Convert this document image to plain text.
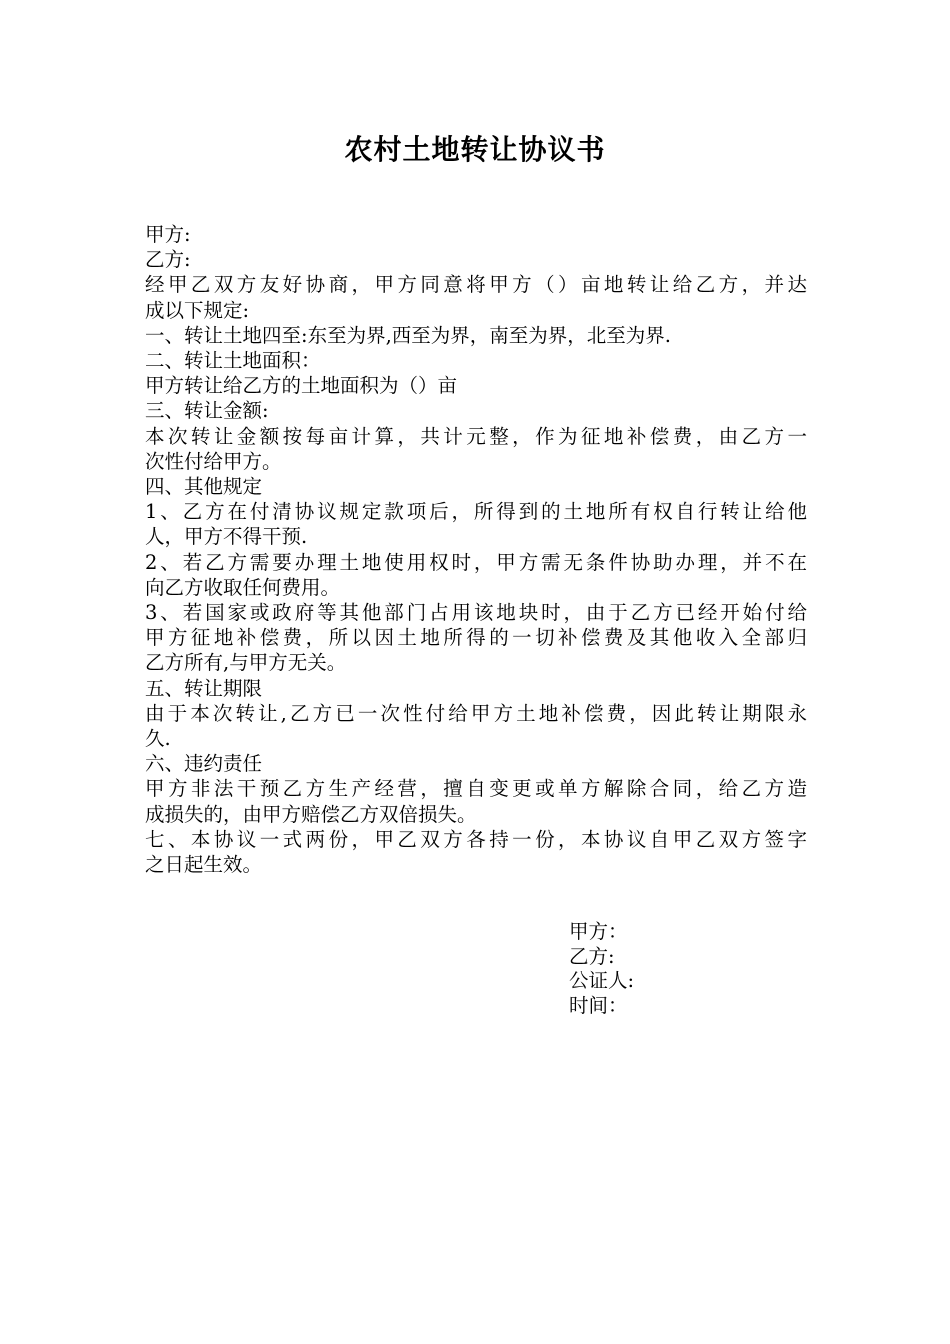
农村土地转让协议书
甲方:
乙方:
经甲乙双方友好协商，甲方同意将甲方（）亩地转让给乙方，并达
成以下规定:
一、转让土地四至:东至为界,西至为界，南至为界，北至为界.
二、转让土地面积：
甲方转让给乙方的土地面积为（）亩
三、转让金额:
本次转让金额按每亩计算，共计元整，作为征地补偿费，由乙方一
次性付给甲方。
四、其他规定
1、乙方在付清协议规定款项后，所得到的土地所有权自行转让给他
人，甲方不得干预.
2、若乙方需要办理土地使用权时，甲方需无条件协助办理，并不在
向乙方收取任何费用。
3、若国家或政府等其他部门占用该地块时，由于乙方已经开始付给
甲方征地补偿费，所以因土地所得的一切补偿费及其他收入全部归
乙方所有,与甲方无关。
五、转让期限
由于本次转让,乙方已一次性付给甲方土地补偿费，因此转让期限永
久.
六、违约责任
甲方非法干预乙方生产经营，擅自变更或单方解除合同，给乙方造
成损失的，由甲方赔偿乙方双倍损失。
七、本协议一式两份，甲乙双方各持一份，本协议自甲乙双方签字
之日起生效。
甲方：
乙方:
公证人:
时间：
